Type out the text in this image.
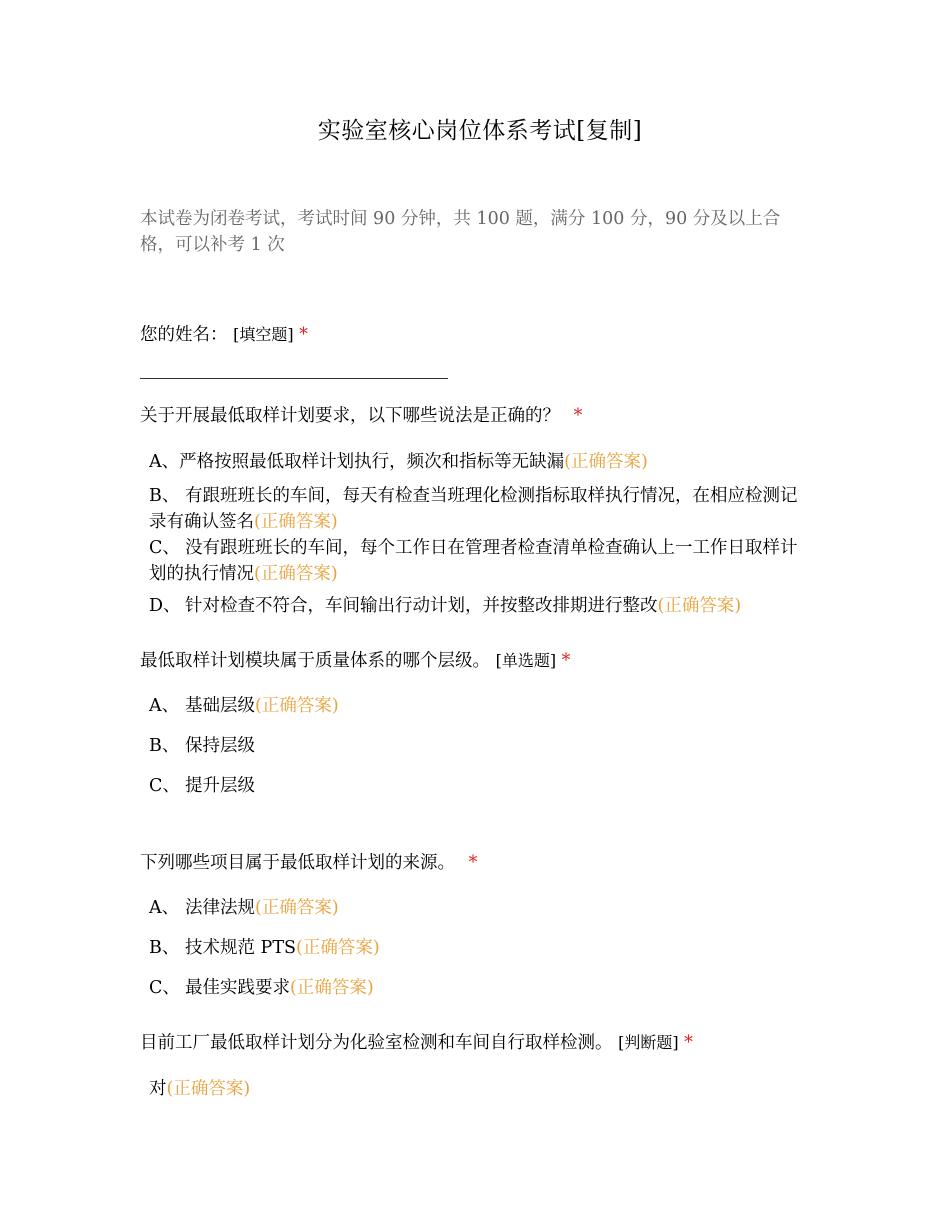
实验室核心岗位体系考试[复制]
本试卷为闭卷考试，考试时间 90 分钟，共 100 题，满分 100 分，90 分及以上合格，可以补考 1 次
您的姓名： [填空题] *
关于开展最低取样计划要求，以下哪些说法是正确的？ *
A、严格按照最低取样计划执行，频次和指标等无缺漏(正确答案)
B、 有跟班班长的车间，每天有检查当班理化检测指标取样执行情况，在相应检测记录有确认签名(正确答案)
C、 没有跟班班长的车间，每个工作日在管理者检查清单检查确认上一工作日取样计划的执行情况(正确答案)
D、 针对检查不符合，车间输出行动计划，并按整改排期进行整改(正确答案)
最低取样计划模块属于质量体系的哪个层级。 [单选题] *
A、 基础层级(正确答案)
B、 保持层级
C、 提升层级
下列哪些项目属于最低取样计划的来源。 *
A、 法律法规(正确答案)
B、 技术规范 PTS(正确答案)
C、 最佳实践要求(正确答案)
目前工厂最低取样计划分为化验室检测和车间自行取样检测。 [判断题] *
对(正确答案)
